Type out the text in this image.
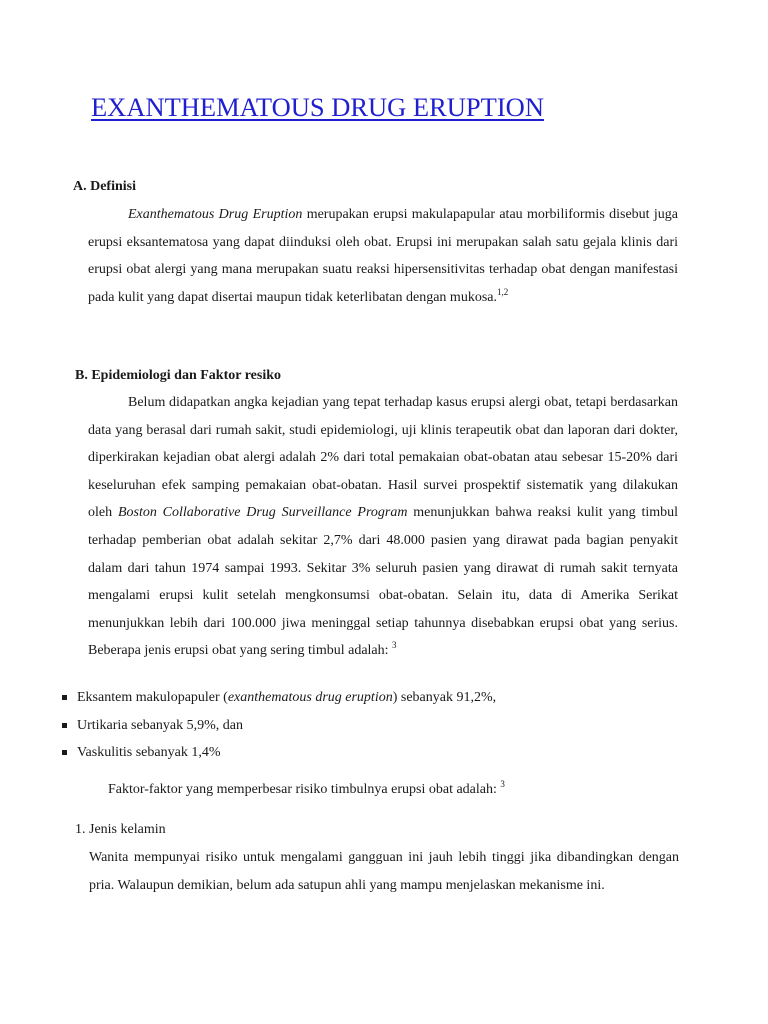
EXANTHEMATOUS DRUG ERUPTION
A. Definisi

Exanthematous Drug Eruption merupakan erupsi makulapapular atau morbiliformis disebut juga erupsi eksantematosa yang dapat diinduksi oleh obat. Erupsi ini merupakan salah satu gejala klinis dari erupsi obat alergi yang mana merupakan suatu reaksi hipersensitivitas terhadap obat dengan manifestasi pada kulit yang dapat disertai maupun tidak keterlibatan dengan mukosa.$^{1,2}$

B. Epidemiologi dan Faktor resiko

Belum didapatkan angka kejadian yang tepat terhadap kasus erupsi alergi obat, tetapi berdasarkan data yang berasal dari rumah sakit, studi epidemiologi, uji klinis terapeutik obat dan laporan dari dokter, diperkirakan kejadian obat alergi adalah 2% dari total pemakaian obat-obatan atau sebesar 15-20% dari keseluruhan efek samping pemakaian obat-obatan. Hasil survei prospektif sistematik yang dilakukan oleh Boston Collaborative Drug Surveillance Program menunjukkan bahwa reaksi kulit yang timbul terhadap pemberian obat adalah sekitar 2,7% dari 48.000 pasien yang dirawat pada bagian penyakit dalam dari tahun 1974 sampai 1993. Sekitar 3% seluruh pasien yang dirawat di rumah sakit ternyata mengalami erupsi kulit setelah mengkonsumsi obat-obatan. Selain itu, data di Amerika Serikat menunjukkan lebih dari 100.000 jiwa meninggal setiap tahunnya disebabkan erupsi obat yang serius. Beberapa jenis erupsi obat yang sering timbul adalah: $^3$

Eksantem makulopapuler (exanthematous drug eruption) sebanyak 91,2%,
Urtikaria sebanyak 5,9%, dan
Vaskulitis sebanyak 1,4%
Faktor-faktor yang memperbesar risiko timbulnya erupsi obat adalah: $^3$
1. Jenis kelamin

Wanita mempunyai risiko untuk mengalami gangguan ini jauh lebih tinggi jika dibandingkan dengan pria. Walaupun demikian, belum ada satupun ahli yang mampu menjelaskan mekanisme ini.
